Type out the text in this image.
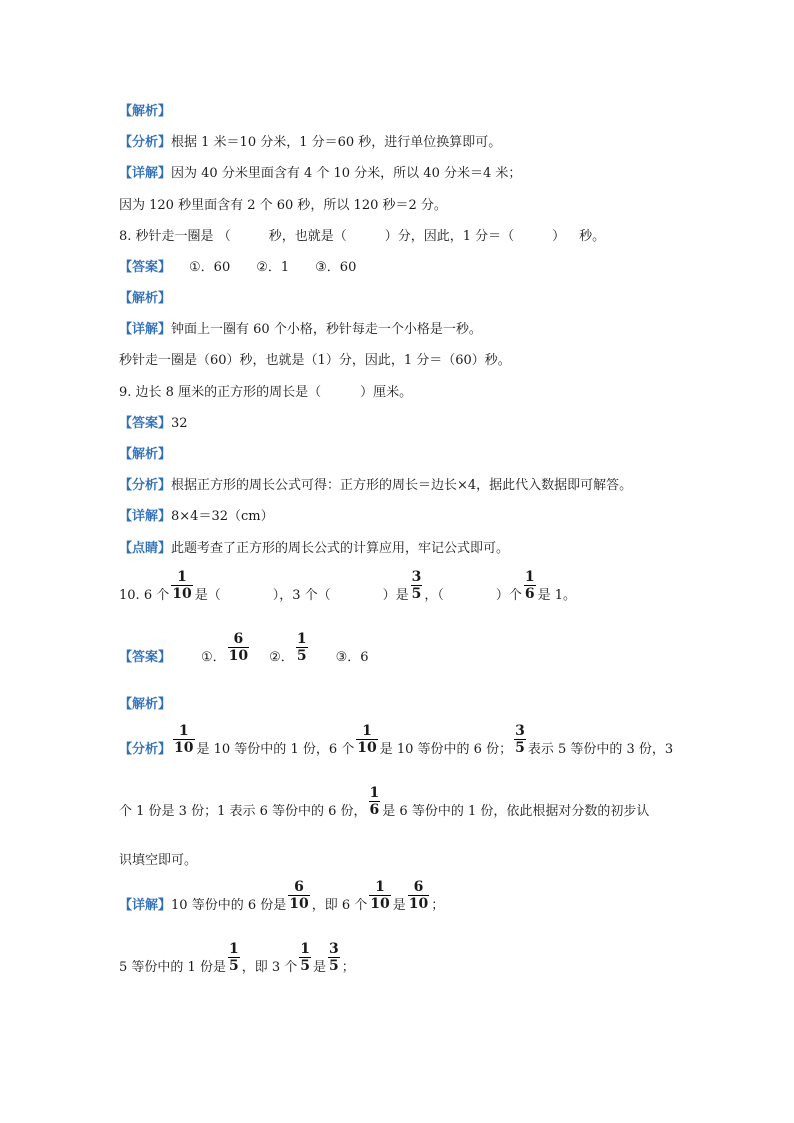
【解析】
【分析】根据 1 米＝10 分米，1 分＝60 秒，进行单位换算即可。
【详解】因为 40 分米里面含有 4 个 10 分米，所以 40 分米＝4 米；
因为 120 秒里面含有 2 个 60 秒，所以 120 秒＝2 分。
8. 秒针走一圈是 （	秒，也就是（	）分，因此，1 分＝（	） 秒。
【答案】 ①．60　　②．1　　③．60
【解析】
【详解】钟面上一圈有 60 个小格，秒针每走一个小格是一秒。
秒针走一圈是（60）秒，也就是（1）分，因此，1 分＝（60）秒。
9. 边长 8 厘米的正方形的周长是（　　　）厘米。
【答案】32
【解析】
【分析】根据正方形的周长公式可得：正方形的周长＝边长×4，据此代入数据即可解答。
【详解】8×4＝32（cm）
【点睛】此题考查了正方形的周长公式的计算应用，牢记公式即可。
10. 6 个 $\frac{1}{10}$ 是（　　　　），3 个（　　　　）是 $\frac{3}{5}$ ，（　　　　）个 $\frac{1}{6}$ 是 1。
【答案】 ①． $\frac{6}{10}$ ②． $\frac{1}{5}$ ③．6
【解析】
【分析】 $\frac{1}{10}$ 是 10 等份中的 1 份，6 个 $\frac{1}{10}$ 是 10 等份中的 6 份； $\frac{3}{5}$ 表示 5 等份中的 3 份，3
个 1 份是 3 份；1 表示 6 等份中的 6 份， $\frac{1}{6}$ 是 6 等份中的 1 份，依此根据对分数的初步认
识填空即可。
【详解】10 等份中的 6 份是 $\frac{6}{10}$ ，即 6 个 $\frac{1}{10}$ 是 $\frac{6}{10}$ ；
5 等份中的 1 份是 $\frac{1}{5}$ ，即 3 个 $\frac{1}{5}$ 是 $\frac{3}{5}$ ；
